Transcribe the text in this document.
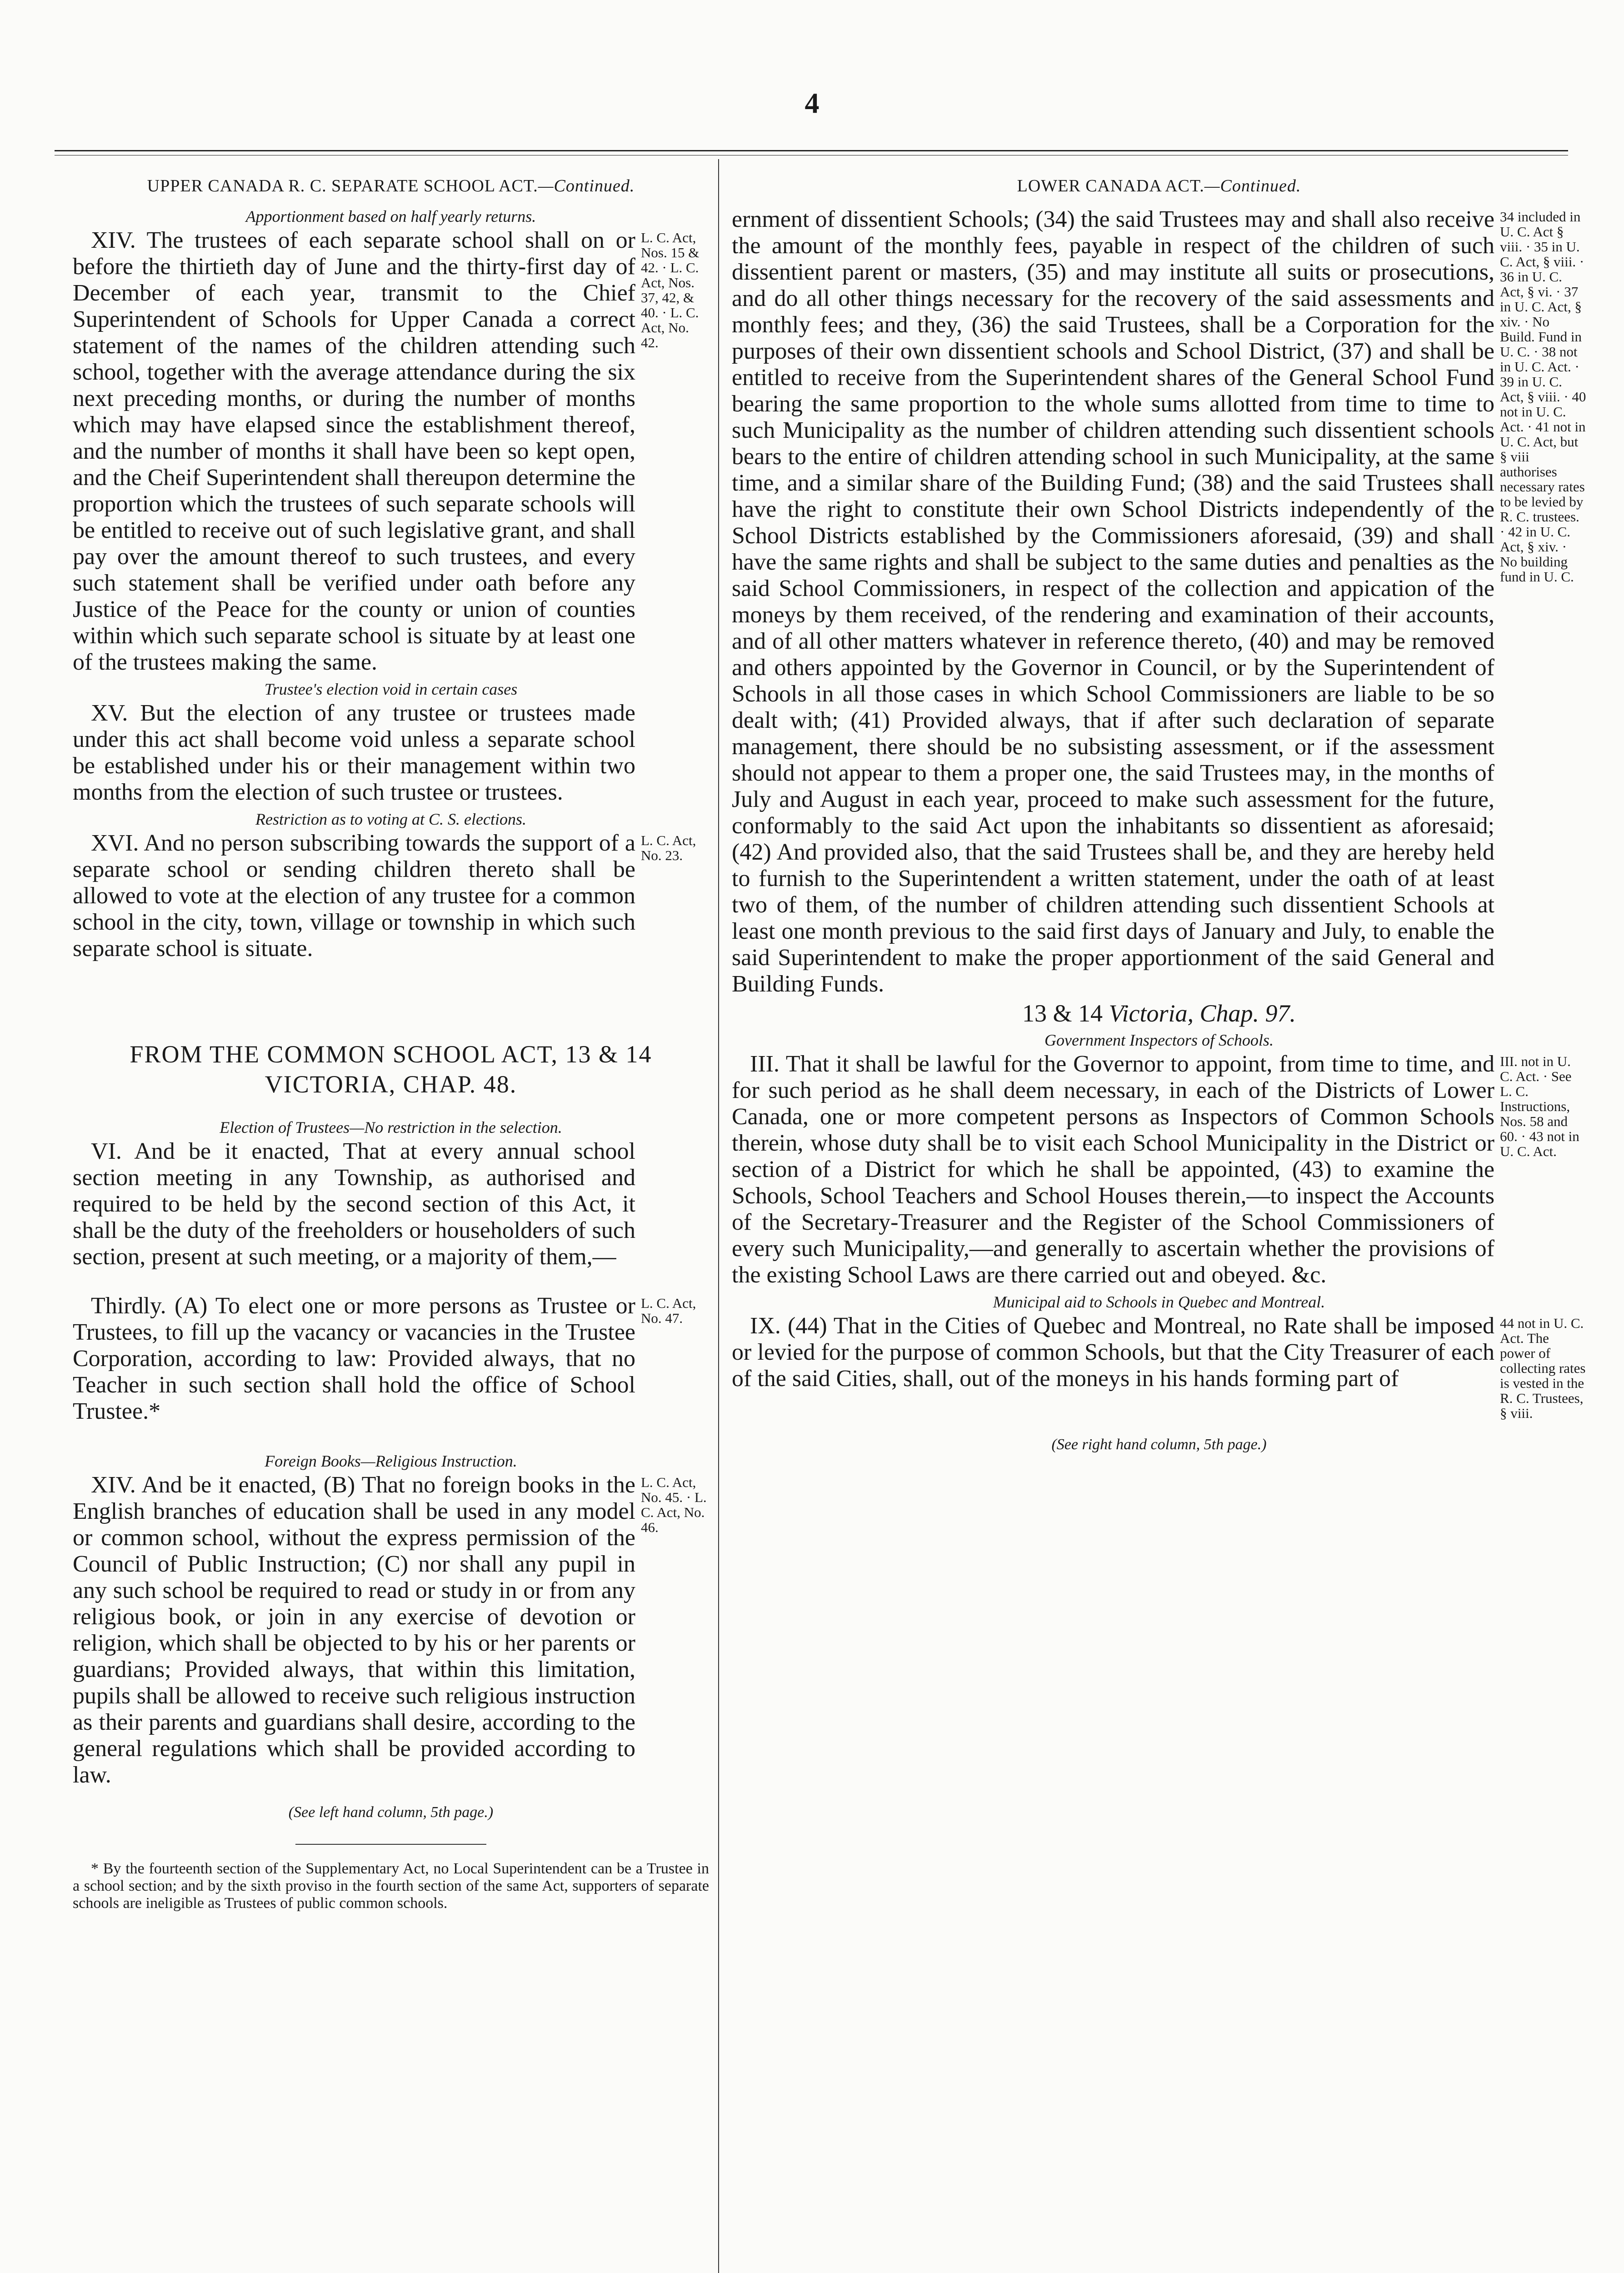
4
UPPER CANADA R. C. SEPARATE SCHOOL ACT.—Continued.
Apportionment based on half yearly returns.

XIV. The trustees of each separate school shall on or before the thirtieth day of June and the thirty-first day of December of each year, transmit to the Chief Superintendent of Schools for Upper Canada a correct statement of the names of the children attending such school, together with the average attendance during the six next preceding months, or during the number of months which may have elapsed since the establishment thereof, and the number of months it shall have been so kept open, and the Cheif Superintendent shall thereupon determine the proportion which the trustees of such separate schools will be entitled to receive out of such legislative grant, and shall pay over the amount thereof to such trustees, and every such statement shall be verified under oath before any Justice of the Peace for the county or union of counties within which such separate school is situate by at least one of the trustees making the same.

L. C. Act, Nos. 15 & 42. · L. C. Act, Nos. 37, 42, & 40. · L. C. Act, No. 42.
Trustee's election void in certain cases

XV. But the election of any trustee or trustees made under this act shall become void unless a separate school be established under his or their management within two months from the election of such trustee or trustees.

Restriction as to voting at C. S. elections.

XVI. And no person subscribing towards the support of a separate school or sending children thereto shall be allowed to vote at the election of any trustee for a common school in the city, town, village or township in which such separate school is situate.

L. C. Act, No. 23.
FROM THE COMMON SCHOOL ACT, 13 & 14 VICTORIA, CHAP. 48.
Election of Trustees—No restriction in the selection.

VI. And be it enacted, That at every annual school section meeting in any Township, as authorised and required to be held by the second section of this Act, it shall be the duty of the freeholders or householders of such section, present at such meeting, or a majority of them,—

Thirdly. (A) To elect one or more persons as Trustee or Trustees, to fill up the vacancy or vacancies in the Trustee Corporation, according to law: Provided always, that no Teacher in such section shall hold the office of School Trustee.*

L. C. Act, No. 47.
Foreign Books—Religious Instruction.

XIV. And be it enacted, (B) That no foreign books in the English branches of education shall be used in any model or common school, without the express permission of the Council of Public Instruction; (C) nor shall any pupil in any such school be required to read or study in or from any religious book, or join in any exercise of devotion or religion, which shall be objected to by his or her parents or guardians; Provided always, that within this limitation, pupils shall be allowed to receive such religious instruction as their parents and guardians shall desire, according to the general regulations which shall be provided according to law.

L. C. Act, No. 45. · L. C. Act, No. 46.
(See left hand column, 5th page.)

* By the fourteenth section of the Supplementary Act, no Local Superintendent can be a Trustee in a school section; and by the sixth proviso in the fourth section of the same Act, supporters of separate schools are ineligible as Trustees of public common schools.

LOWER CANADA ACT.—Continued.

ernment of dissentient Schools; (34) the said Trustees may and shall also receive the amount of the monthly fees, payable in respect of the children of such dissentient parent or masters, (35) and may institute all suits or prosecutions, and do all other things necessary for the recovery of the said assessments and monthly fees; and they, (36) the said Trustees, shall be a Corporation for the purposes of their own dissentient schools and School District, (37) and shall be entitled to receive from the Superintendent shares of the General School Fund bearing the same proportion to the whole sums allotted from time to time to such Municipality as the number of children attending such dissentient schools bears to the entire of children attending school in such Municipality, at the same time, and a similar share of the Building Fund; (38) and the said Trustees shall have the right to constitute their own School Districts independently of the School Districts established by the Commissioners aforesaid, (39) and shall have the same rights and shall be subject to the same duties and penalties as the said School Commissioners, in respect of the collection and appication of the moneys by them received, of the rendering and examination of their accounts, and of all other matters whatever in reference thereto, (40) and may be removed and others appointed by the Governor in Council, or by the Superintendent of Schools in all those cases in which School Commissioners are liable to be so dealt with; (41) Provided always, that if after such declaration of separate management, there should be no subsisting assessment, or if the assessment should not appear to them a proper one, the said Trustees may, in the months of July and August in each year, proceed to make such assessment for the future, conformably to the said Act upon the inhabitants so dissentient as aforesaid; (42) And provided also, that the said Trustees shall be, and they are hereby held to furnish to the Superintendent a written statement, under the oath of at least two of them, of the number of children attending such dissentient Schools at least one month previous to the said first days of January and July, to enable the said Superintendent to make the proper apportionment of the said General and Building Funds.

34 included in U. C. Act § viii. · 35 in U. C. Act, § viii. · 36 in U. C. Act, § vi. · 37 in U. C. Act, § xiv. · No Build. Fund in U. C. · 38 not in U. C. Act. · 39 in U. C. Act, § viii. · 40 not in U. C. Act. · 41 not in U. C. Act, but § viii authorises necessary rates to be levied by R. C. trustees. · 42 in U. C. Act, § xiv. · No building fund in U. C.
13 & 14 Victoria, Chap. 97.
Government Inspectors of Schools.

III. That it shall be lawful for the Governor to appoint, from time to time, and for such period as he shall deem necessary, in each of the Districts of Lower Canada, one or more competent persons as Inspectors of Common Schools therein, whose duty shall be to visit each School Municipality in the District or section of a District for which he shall be appointed, (43) to examine the Schools, School Teachers and School Houses therein,—to inspect the Accounts of the Secretary-Treasurer and the Register of the School Commissioners of every such Municipality,—and generally to ascertain whether the provisions of the existing School Laws are there carried out and obeyed. &c.

III. not in U. C. Act. · See L. C. Instructions, Nos. 58 and 60. · 43 not in U. C. Act.
Municipal aid to Schools in Quebec and Montreal.

IX. (44) That in the Cities of Quebec and Montreal, no Rate shall be imposed or levied for the purpose of common Schools, but that the City Treasurer of each of the said Cities, shall, out of the moneys in his hands forming part of

44 not in U. C. Act. The power of collecting rates is vested in the R. C. Trustees, § viii.
(See right hand column, 5th page.)
